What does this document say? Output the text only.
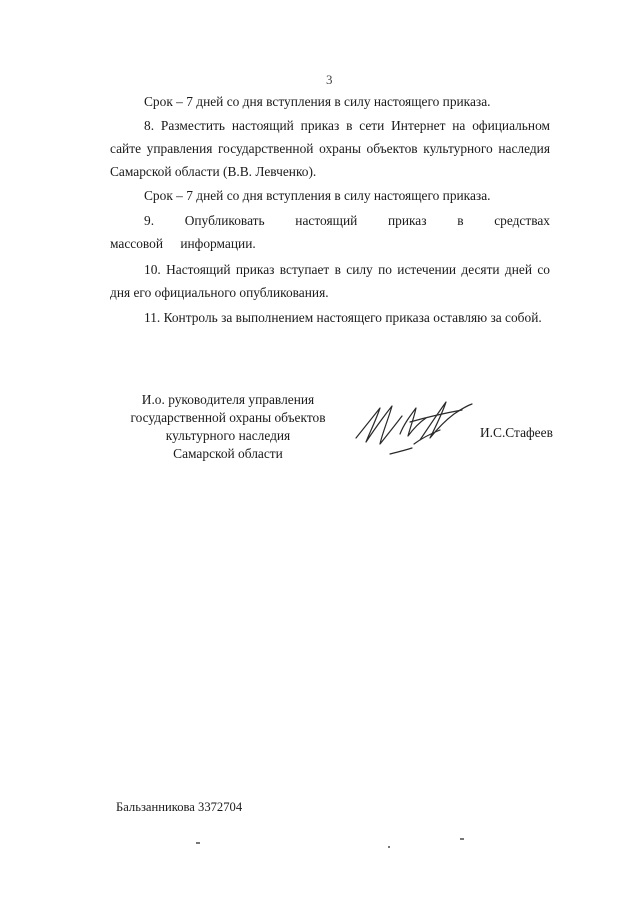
3

Срок – 7 дней со дня вступления в силу настоящего приказа.

8. Разместить настоящий приказ в сети Интернет на официальном сайте управления государственной охраны объектов культурного наследия Самарской области (В.В. Левченко).

Срок – 7 дней со дня вступления в силу настоящего приказа.

9. Опубликовать настоящий приказ в средствах массовой информации.

10. Настоящий приказ вступает в силу по истечении десяти дней со дня его официального опубликования.

11. Контроль за выполнением настоящего приказа оставляю за собой.

И.о. руководителя управления
государственной охраны объектов
культурного наследия
Самарской области
И.С.Стафеев
Бальзанникова 3372704
